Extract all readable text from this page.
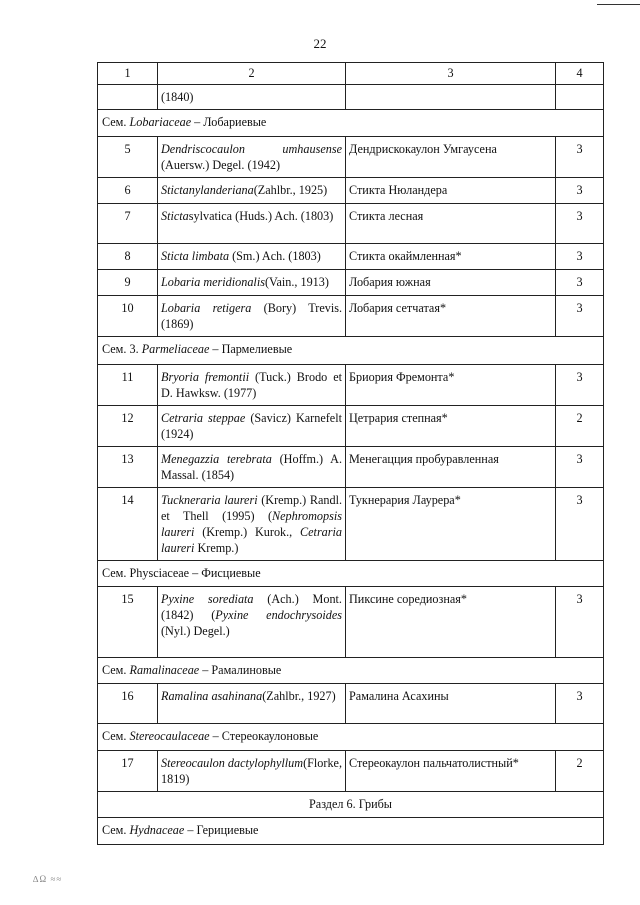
22
1	2	3	4
	(1840)		
Сем. Lobariaceae – Лобариевые			
5	Dendriscocaulon umhausense (Auersw.) Degel. (1942)	Дендрискокаулон Умгаусена	3
6	Stictanylanderiana(Zahlbr., 1925)	Стикта Нюландера	3
7	Stictasylvatica (Huds.) Ach. (1803)	Стикта лесная	3
8	Sticta limbata (Sm.) Ach. (1803)	Стикта окаймленная*	3
9	Lobaria meridionalis(Vain., 1913)	Лобария южная	3
10	Lobaria retigera (Bory) Trevis. (1869)	Лобария сетчатая*	3
Сем. 3. Parmeliaceae – Пармелиевые			
11	Bryoria fremontii (Tuck.) Brodo et D. Hawksw. (1977)	Бриория Фремонта*	3
12	Cetraria steppae (Savicz) Karnefelt (1924)	Цетрария степная*	2
13	Menegazzia terebrata (Hoffm.) A. Massal. (1854)	Менегацция пробуравленная	3
14	Tucknerаria laureri (Kremp.) Randl. et Thell (1995) (Nephromopsis laureri (Kremp.) Kurok., Cetraria laureri Kremp.)	Тукнерария Лаурера*	3
Сем. Physciaceae – Фисциевые			
15	Pyxine sorediata (Ach.) Mont. (1842) (Pyxine endochrysoides (Nyl.) Degel.)	Пиксине соредиозная*	3
Сем. Ramalinaceae – Рамалиновые			
16	Ramalina asahinana(Zahlbr., 1927)	Рамалина Асахины	3
Сем. Stereocaulaceae – Стереокаулоновые			
17	Stereocaulon dactylophyllum(Florke, 1819)	Стереокаулон пальчатолистный*	2
Раздел 6. Грибы			
Сем. Hydnaceae – Герициевые			
∆Ω ≈≈
